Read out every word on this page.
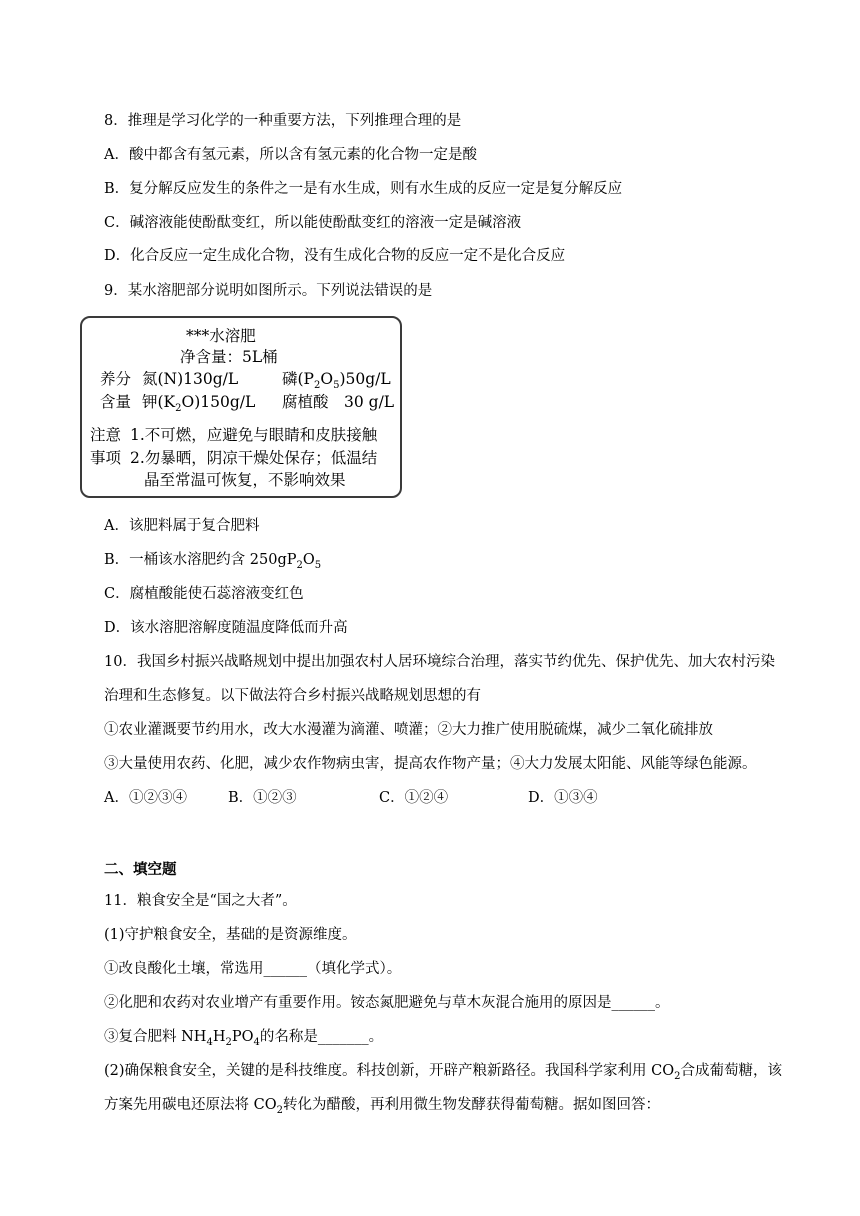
8．推理是学习化学的一种重要方法，下列推理合理的是
A．酸中都含有氢元素，所以含有氢元素的化合物一定是酸
B．复分解反应发生的条件之一是有水生成，则有水生成的反应一定是复分解反应
C．碱溶液能使酚酞变红，所以能使酚酞变红的溶液一定是碱溶液
D．化合反应一定生成化合物，没有生成化合物的反应一定不是化合反应
9．某水溶肥部分说明如图所示。下列说法错误的是
***水溶肥
净含量：5L桶
养分 氮(N)130g/L	磷$(P_2O_5)50g/L$
含量 钾$(K_2O)150g/L$ 腐植酸　30 g/L
注意 1.不可燃，应避免与眼睛和皮肤接触
事项 2.勿暴晒，阴凉干燥处保存；低温结
晶至常温可恢复，不影响效果
A．该肥料属于复合肥料
B．一桶该水溶肥约含 $250gP_2O_5$
C．腐植酸能使石蕊溶液变红色
D．该水溶肥溶解度随温度降低而升高
10．我国乡村振兴战略规划中提出加强农村人居环境综合治理，落实节约优先、保护优先、加大农村污染
治理和生态修复。以下做法符合乡村振兴战略规划思想的有
①农业灌溉要节约用水，改大水漫灌为滴灌、喷灌；②大力推广使用脱硫煤，减少二氧化硫排放
③大量使用农药、化肥，减少农作物病虫害，提高农作物产量；④大力发展太阳能、风能等绿色能源。
A．①②③④	B．①②③	C．①②④	D．①③④
二、填空题
11．粮食安全是“国之大者”。
(1)守护粮食安全，基础的是资源维度。
①改良酸化土壤，常选用______（填化学式）。
②化肥和农药对农业增产有重要作用。铵态氮肥避免与草木灰混合施用的原因是______。
③复合肥料 $NH_4H_2PO_4$的名称是_______。
(2)确保粮食安全，关键的是科技维度。科技创新，开辟产粮新路径。我国科学家利用 $CO_2$合成葡萄糖，该
方案先用碳电还原法将 $CO_2$转化为醋酸，再利用微生物发酵获得葡萄糖。据如图回答：
